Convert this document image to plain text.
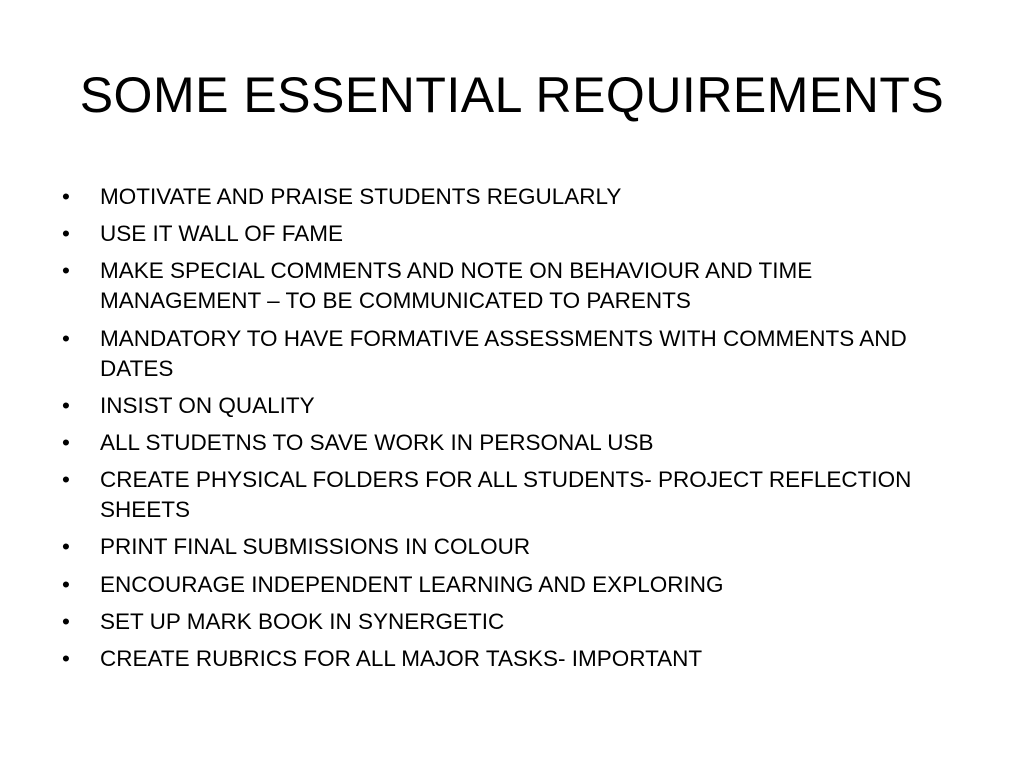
SOME ESSENTIAL REQUIREMENTS
•	MOTIVATE AND PRAISE STUDENTS REGULARLY
•	USE IT WALL OF FAME
•	MAKE SPECIAL COMMENTS AND NOTE ON BEHAVIOUR AND TIME MANAGEMENT – TO BE COMMUNICATED TO PARENTS
•	MANDATORY TO HAVE FORMATIVE ASSESSMENTS WITH COMMENTS AND DATES
•	INSIST ON QUALITY
•	ALL STUDETNS TO SAVE WORK IN PERSONAL USB
•	CREATE PHYSICAL FOLDERS FOR ALL STUDENTS- PROJECT REFLECTION SHEETS
•	PRINT FINAL SUBMISSIONS IN COLOUR
•	ENCOURAGE INDEPENDENT LEARNING AND EXPLORING
•	SET UP MARK BOOK IN SYNERGETIC
•	CREATE RUBRICS FOR ALL MAJOR TASKS- IMPORTANT
